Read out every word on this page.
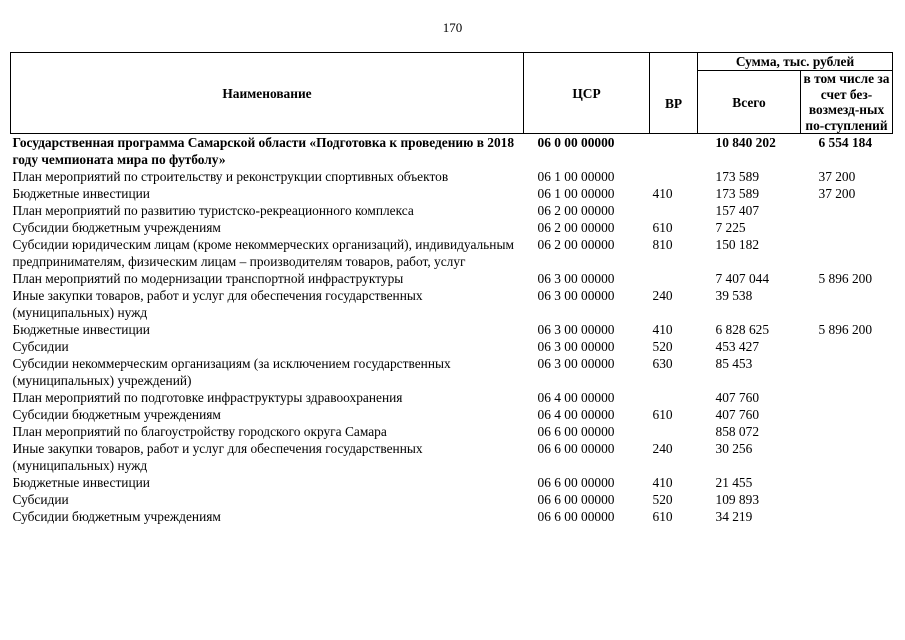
170
Наименование	ЦСР	ВР	Сумма, тыс. рублей	
			Всего	в том числе за счет без-возмезд-ных по-ступлений
Государственная программа Самарской области «Подготовка к проведению в 2018 году чемпионата мира по футболу»	06 0 00 00000		10 840 202	6 554 184
План мероприятий по строительству и реконструкции спортивных объектов	06 1 00 00000		173 589	37 200
Бюджетные инвестиции	06 1 00 00000	410	173 589	37 200
План мероприятий по развитию туристско-рекреационного комплекса	06 2 00 00000		157 407	
Субсидии бюджетным учреждениям	06 2 00 00000	610	7 225	
Субсидии юридическим лицам (кроме некоммерческих организаций), индивидуальным предпринимателям, физическим лицам – производителям товаров, работ, услуг	06 2 00 00000	810	150 182	
План мероприятий по модернизации транспортной инфраструктуры	06 3 00 00000		7 407 044	5 896 200
Иные закупки товаров, работ и услуг для обеспечения государственных (муниципальных) нужд	06 3 00 00000	240	39 538	
Бюджетные инвестиции	06 3 00 00000	410	6 828 625	5 896 200
Субсидии	06 3 00 00000	520	453 427	
Субсидии некоммерческим организациям (за исключением государственных (муниципальных) учреждений)	06 3 00 00000	630	85 453	
План мероприятий по подготовке инфраструктуры здравоохранения	06 4 00 00000		407 760	
Субсидии бюджетным учреждениям	06 4 00 00000	610	407 760	
План мероприятий по благоустройству городского округа Самара	06 6 00 00000		858 072	
Иные закупки товаров, работ и услуг для обеспечения государственных (муниципальных) нужд	06 6 00 00000	240	30 256	
Бюджетные инвестиции	06 6 00 00000	410	21 455	
Субсидии	06 6 00 00000	520	109 893	
Субсидии бюджетным учреждениям	06 6 00 00000	610	34 219	
